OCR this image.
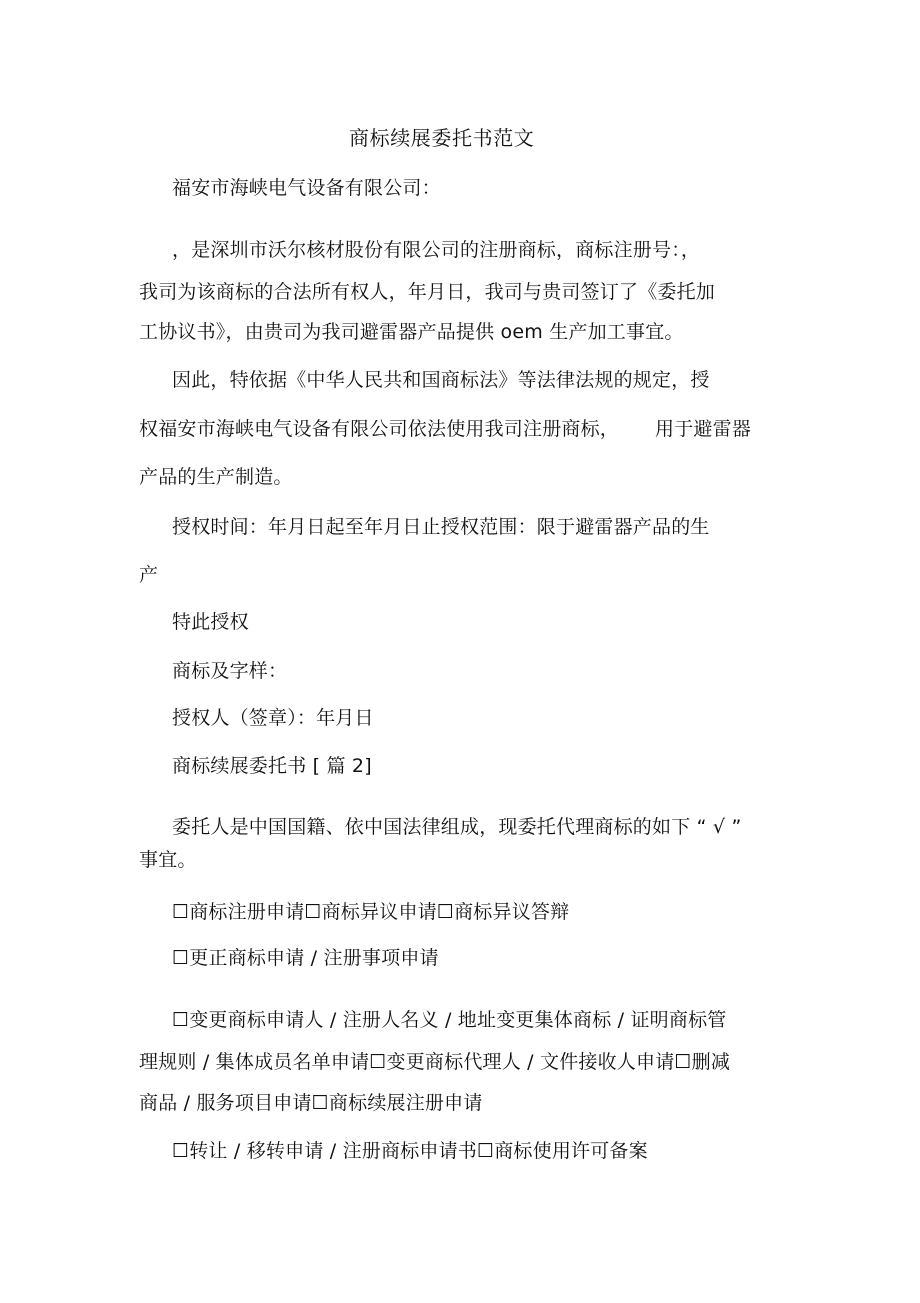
商标续展委托书范文
福安市海峡电气设备有限公司：
，是深圳市沃尔核材股份有限公司的注册商标，商标注册号：，
我司为该商标的合法所有权人，年月日，我司与贵司签订了《委托加
工协议书》，由贵司为我司避雷器产品提供 oem 生产加工事宜。
因此，特依据《中华人民共和国商标法》等法律法规的规定，授
权福安市海峡电气设备有限公司依法使用我司注册商标， 用于避雷器
产品的生产制造。
授权时间：年月日起至年月日止授权范围：限于避雷器产品的生
产
特此授权
商标及字样：
授权人（签章）：年月日
商标续展委托书 [ 篇 2]
委托人是中国国籍、依中国法律组成，现委托代理商标的如下 “ √ ”
事宜。
☐商标注册申请☐商标异议申请☐商标异议答辩
☐更正商标申请 / 注册事项申请
☐变更商标申请人 / 注册人名义 / 地址变更集体商标 / 证明商标管
理规则 / 集体成员名单申请☐变更商标代理人 / 文件接收人申请☐删减
商品 / 服务项目申请☐商标续展注册申请
☐转让 / 移转申请 / 注册商标申请书☐商标使用许可备案
